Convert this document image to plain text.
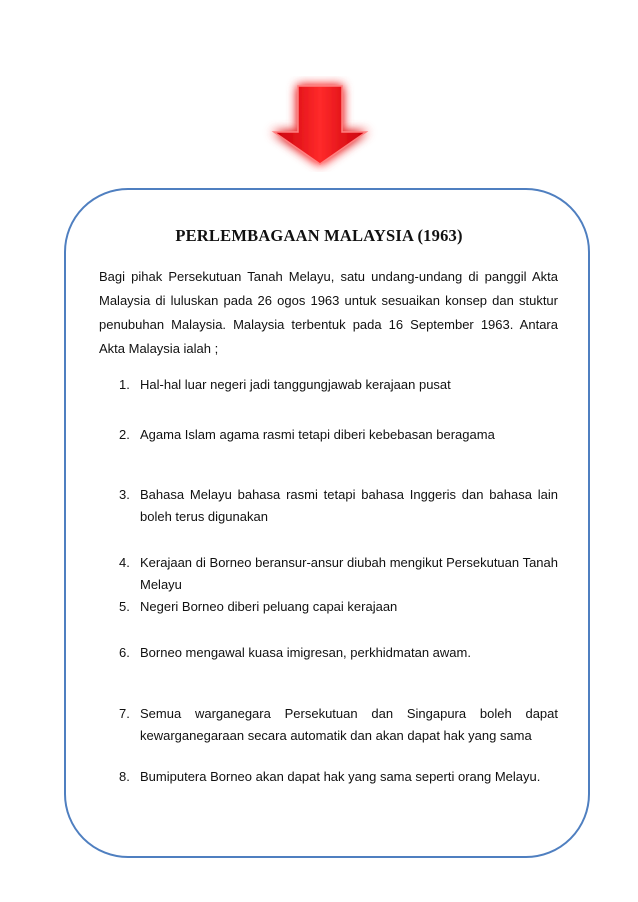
PERLEMBAGAAN MALAYSIA (1963)

Bagi pihak Persekutuan Tanah Melayu, satu undang-undang di panggil Akta Malaysia di luluskan pada 26 ogos 1963 untuk sesuaikan konsep dan stuktur penubuhan Malaysia. Malaysia terbentuk pada 16 September 1963. Antara Akta Malaysia ialah ;

1. Hal-hal luar negeri jadi tanggungjawab kerajaan pusat
2. Agama Islam agama rasmi tetapi diberi kebebasan beragama
3. Bahasa Melayu bahasa rasmi tetapi bahasa Inggeris dan bahasa lain boleh terus digunakan
4. Kerajaan di Borneo beransur-ansur diubah mengikut Persekutuan Tanah Melayu
5. Negeri Borneo diberi peluang capai kerajaan
6. Borneo mengawal kuasa imigresan, perkhidmatan awam.
7. Semua warganegara Persekutuan dan Singapura boleh dapat kewarganegaraan secara automatik dan akan dapat hak yang sama
8. Bumiputera Borneo akan dapat hak yang sama seperti orang Melayu.
